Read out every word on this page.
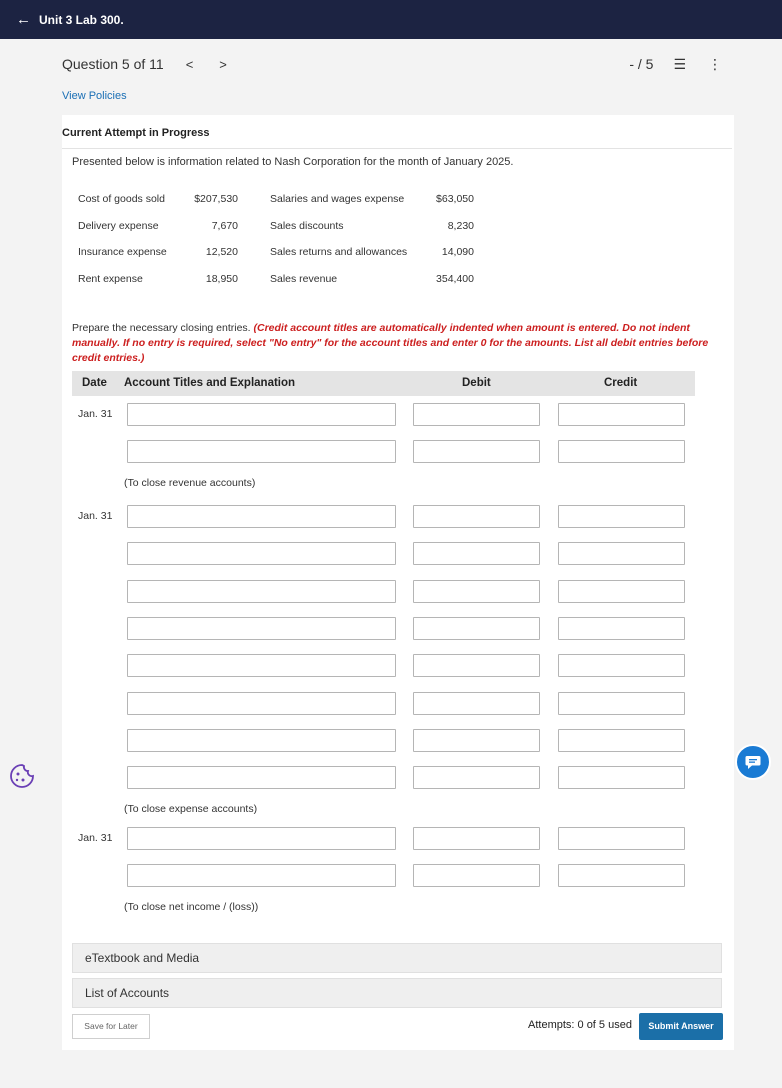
← Unit 3 Lab 300.
Question 5 of 11 < >	- / 5 ☰ ⋮
View Policies
Current Attempt in Progress
Presented below is information related to Nash Corporation for the month of January 2025.
Cost of goods sold	$207,530	Salaries and wages expense	$63,050
Delivery expense	7,670	Sales discounts	8,230
Insurance expense	12,520	Sales returns and allowances	14,090
Rent expense	18,950	Sales revenue	354,400
Prepare the necessary closing entries. (Credit account titles are automatically indented when amount is entered. Do not indent manually. If no entry is required, select "No entry" for the account titles and enter 0 for the amounts. List all debit entries before credit entries.)
Date Account Titles and Explanation	Debit	Credit
Jan. 31
(To close revenue accounts)
Jan. 31
(To close expense accounts)
Jan. 31
(To close net income / (loss))
eTextbook and Media
List of Accounts
Save for Later	Attempts: 0 of 5 used	Submit Answer
